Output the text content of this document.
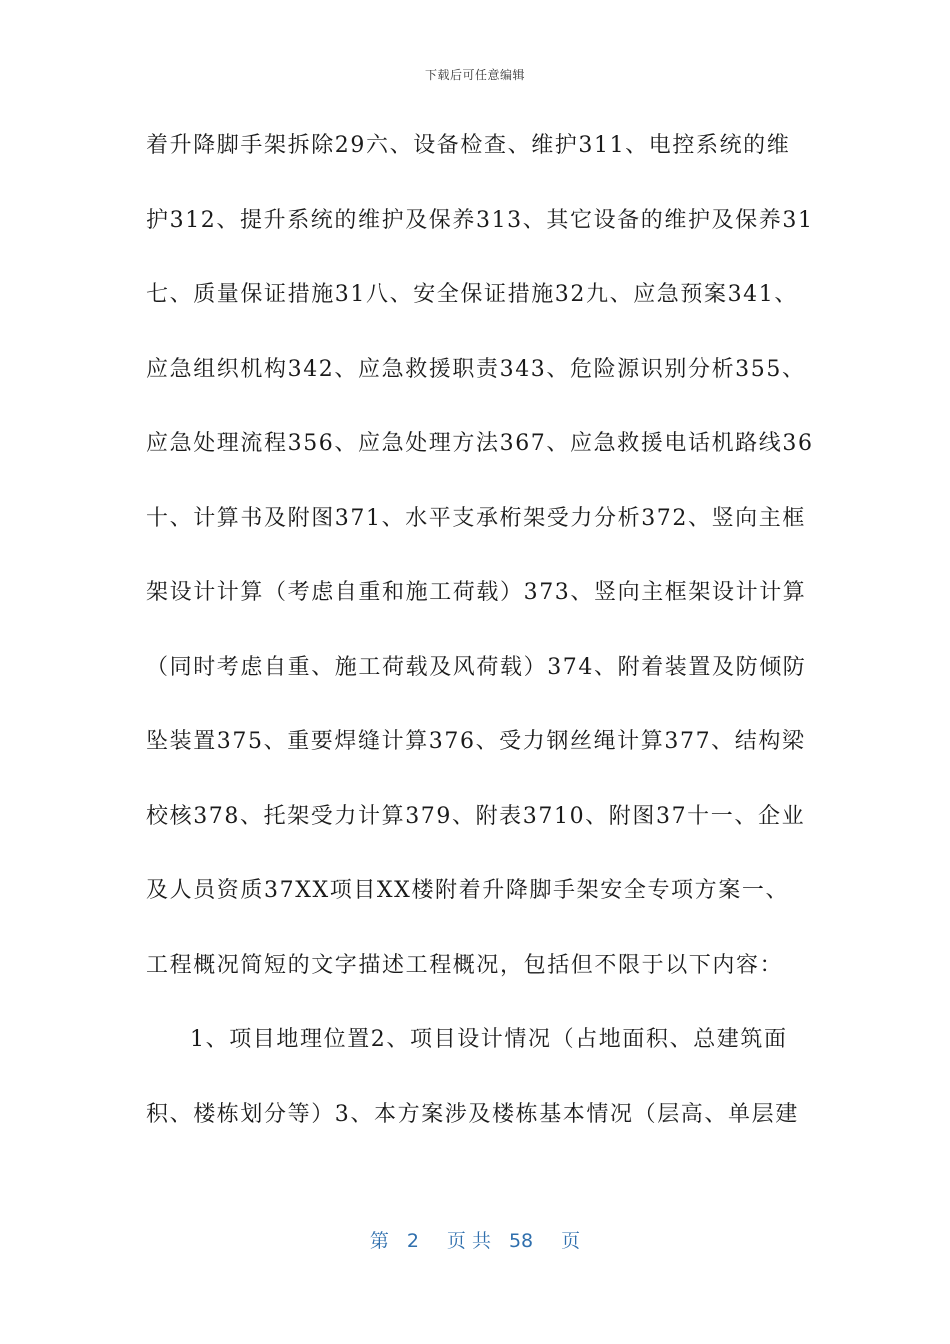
下载后可任意编辑
着升降脚手架拆除29六、设备检查、维护311、电控系统的维
护312、提升系统的维护及保养313、其它设备的维护及保养31
七、质量保证措施31八、安全保证措施32九、应急预案341、
应急组织机构342、应急救援职责343、危险源识别分析355、
应急处理流程356、应急处理方法367、应急救援电话机路线36
十、计算书及附图371、水平支承桁架受力分析372、竖向主框
架设计计算（考虑自重和施工荷载）373、竖向主框架设计计算
（同时考虑自重、施工荷载及风荷载）374、附着装置及防倾防
坠装置375、重要焊缝计算376、受力钢丝绳计算377、结构梁
校核378、托架受力计算379、附表3710、附图37十一、企业
及人员资质37XX项目XX楼附着升降脚手架安全专项方案一、
工程概况简短的文字描述工程概况，包括但不限于以下内容：
1、项目地理位置2、项目设计情况（占地面积、总建筑面
积、楼栋划分等）3、本方案涉及楼栋基本情况（层高、单层建
第 2 页 共 58 页
